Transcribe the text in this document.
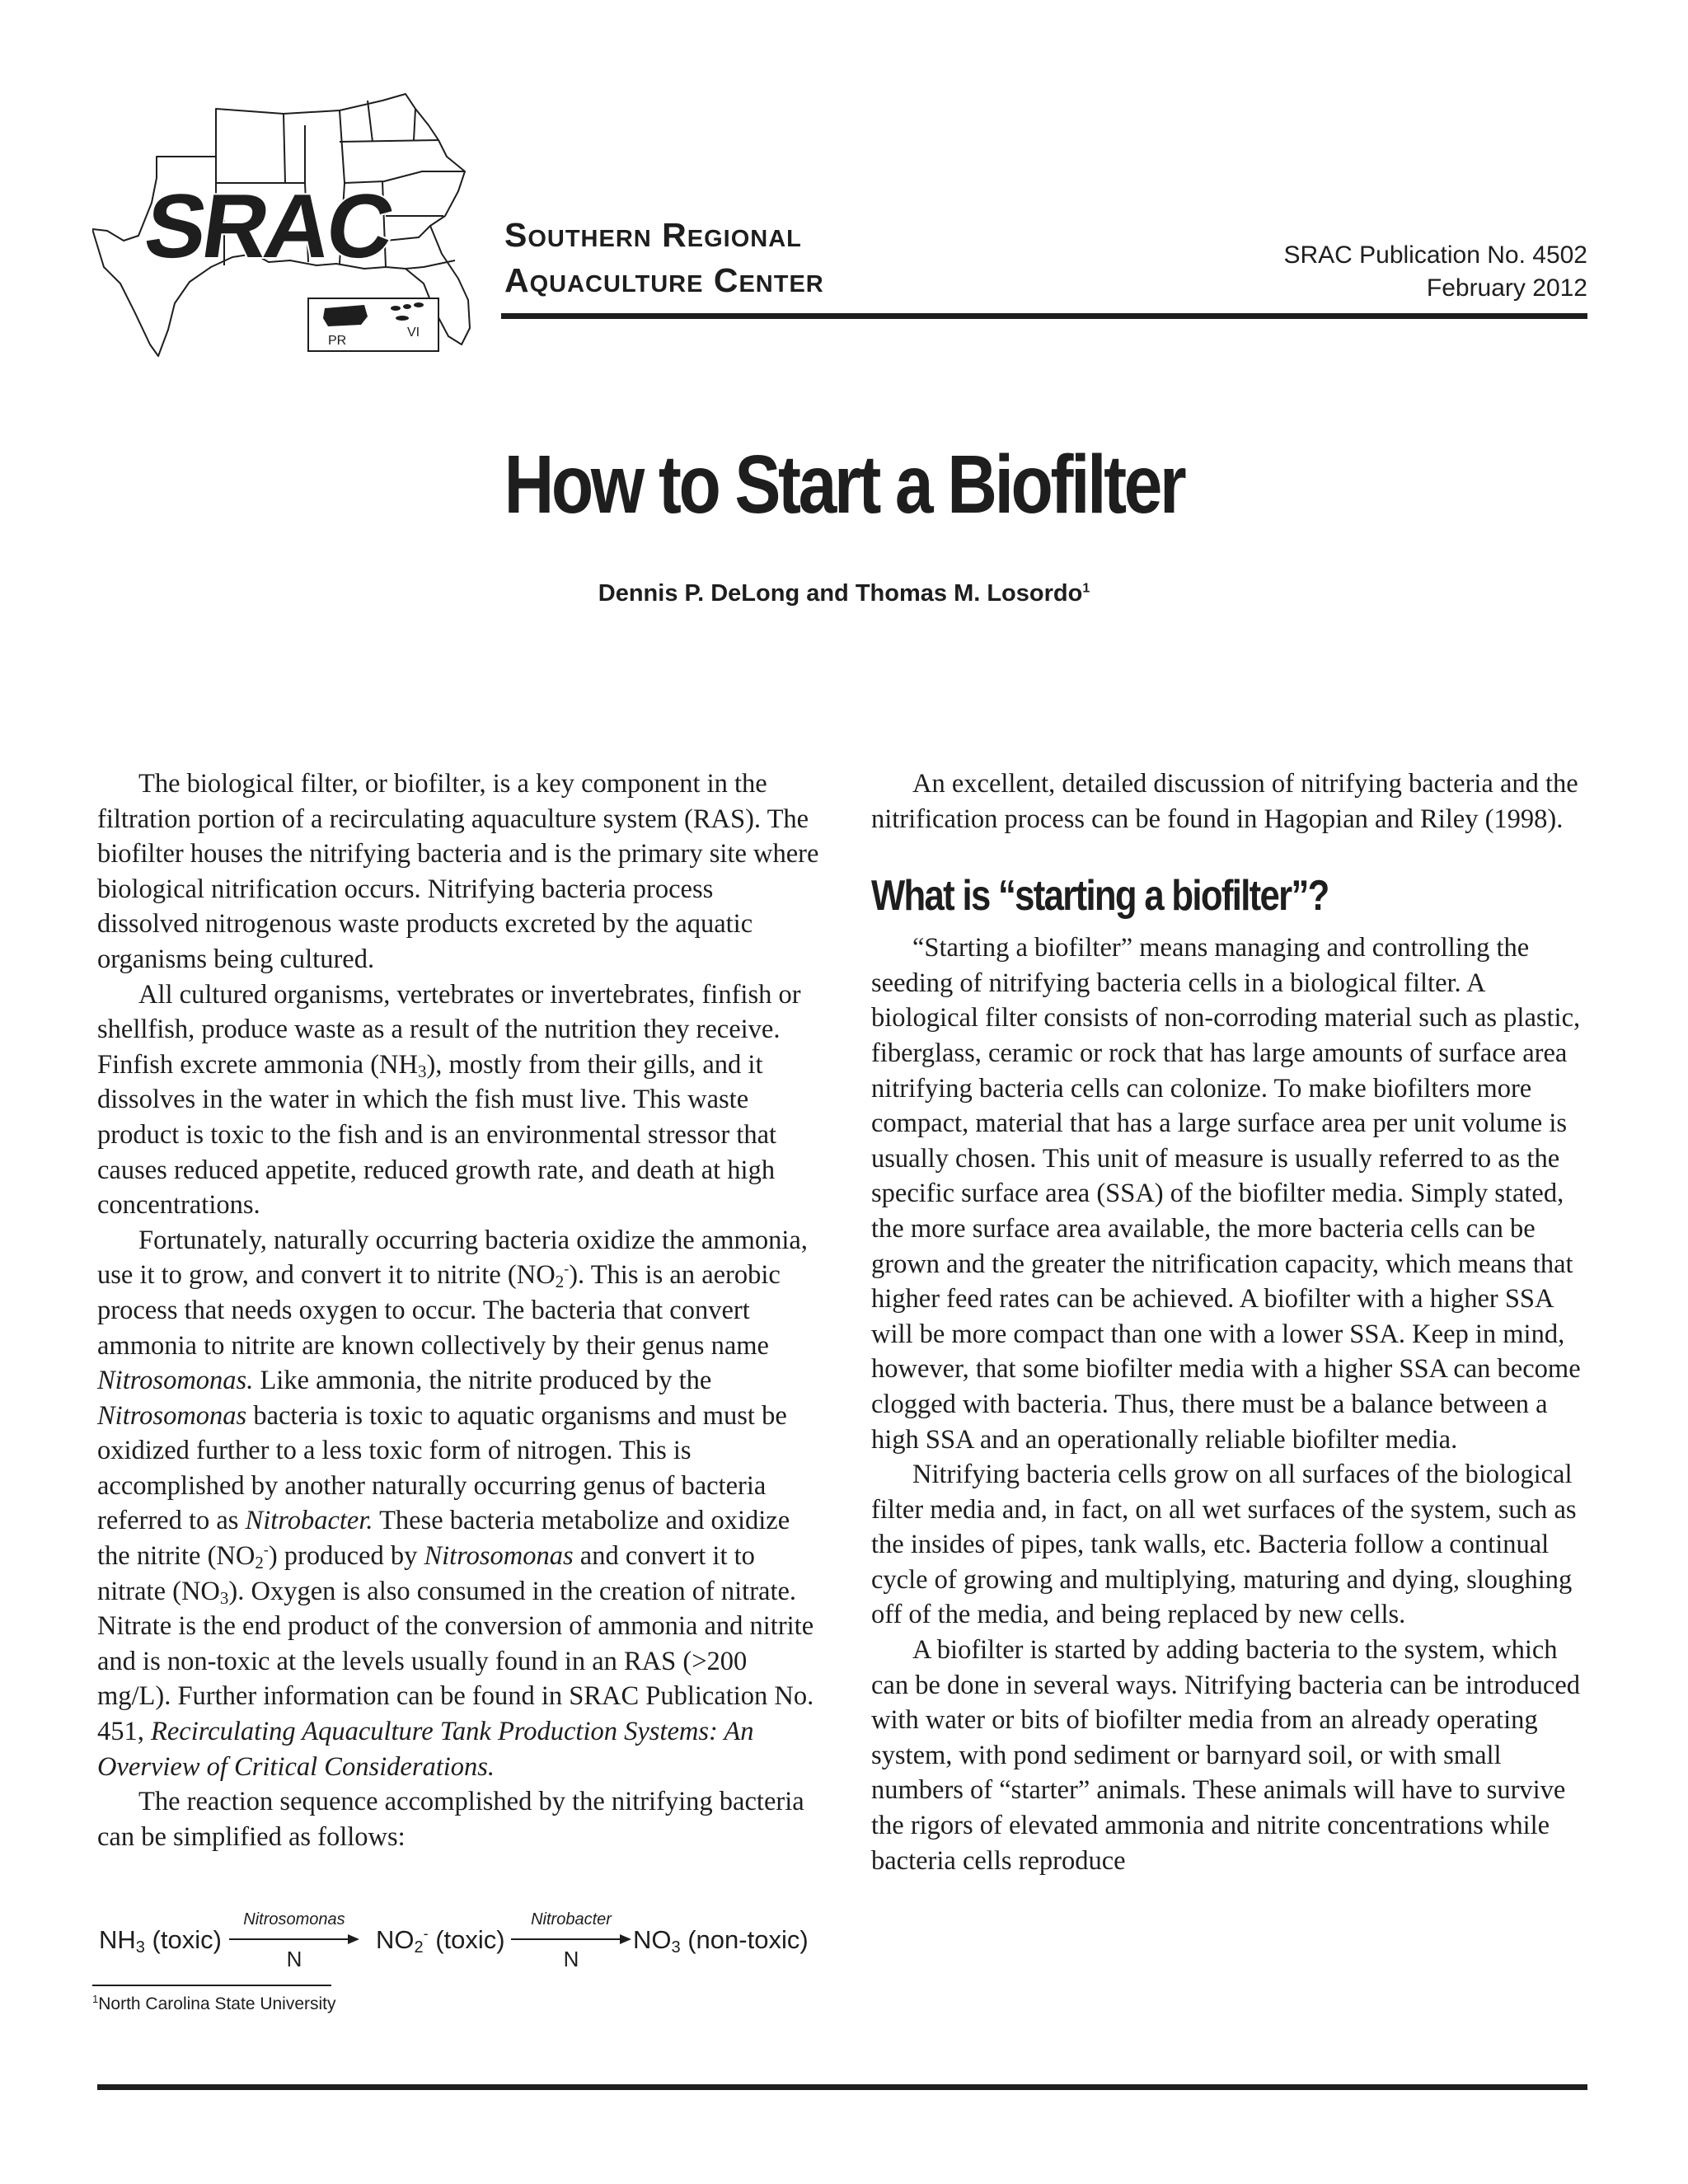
SRAC
PR
VI
Southern Regional
Aquaculture Center
SRAC Publication No. 4502
February 2012
How to Start a Biofilter
Dennis P. DeLong and Thomas M. Losordo$^1$

The biological filter, or biofilter, is a key component in the filtration portion of a recirculating aquaculture system (RAS). The biofilter houses the nitrifying bacteria and is the primary site where biological nitrification occurs. Nitrifying bacteria process dissolved nitrogenous waste products excreted by the aquatic organisms being cultured.

All cultured organisms, vertebrates or invertebrates, finfish or shellfish, produce waste as a result of the nutrition they receive. Finfish excrete ammonia $(NH_3)$, mostly from their gills, and it dissolves in the water in which the fish must live. This waste product is toxic to the fish and is an environmental stressor that causes reduced appetite, reduced growth rate, and death at high concentrations.

Fortunately, naturally occurring bacteria oxidize the ammonia, use it to grow, and convert it to nitrite $(NO_2^-)$. This is an aerobic process that needs oxygen to occur. The bacteria that convert ammonia to nitrite are known collectively by their genus name Nitrosomonas. Like ammonia, the nitrite produced by the Nitrosomonas bacteria is toxic to aquatic organisms and must be oxidized further to a less toxic form of nitrogen. This is accomplished by another naturally occurring genus of bacteria referred to as Nitrobacter. These bacteria metabolize and oxidize the nitrite $(NO_2^-)$ produced by Nitrosomonas and convert it to nitrate $(NO_3)$. Oxygen is also consumed in the creation of nitrate. Nitrate is the end product of the conversion of ammonia and nitrite and is non-toxic at the levels usually found in an RAS (>200 mg/L). Further information can be found in SRAC Publication No. 451, Recirculating Aquaculture Tank Production Systems: An Overview of Critical Considerations.

The reaction sequence accomplished by the nitrifying bacteria can be simplified as follows:

$NH_3$ (toxic)
Nitrosomonas
N
$NO_2^-$ (toxic)
Nitrobacter
N
$NO_3$ (non-toxic)
$^1$North Carolina State University

An excellent, detailed discussion of nitrifying bacteria and the nitrification process can be found in Hagopian and Riley (1998).

What is “starting a biofilter”?

“Starting a biofilter” means managing and controlling the seeding of nitrifying bacteria cells in a biological filter. A biological filter consists of non-corroding material such as plastic, fiberglass, ceramic or rock that has large amounts of surface area nitrifying bacteria cells can colonize. To make biofilters more compact, material that has a large surface area per unit volume is usually chosen. This unit of measure is usually referred to as the specific surface area (SSA) of the biofilter media. Simply stated, the more surface area available, the more bacteria cells can be grown and the greater the nitrification capacity, which means that higher feed rates can be achieved. A biofilter with a higher SSA will be more compact than one with a lower SSA. Keep in mind, however, that some biofilter media with a higher SSA can become clogged with bacteria. Thus, there must be a balance between a high SSA and an operationally reliable biofilter media.

Nitrifying bacteria cells grow on all surfaces of the biological filter media and, in fact, on all wet surfaces of the system, such as the insides of pipes, tank walls, etc. Bacteria follow a continual cycle of growing and multiplying, maturing and dying, sloughing off of the media, and being replaced by new cells.

A biofilter is started by adding bacteria to the system, which can be done in several ways. Nitrifying bacteria can be introduced with water or bits of biofilter media from an already operating system, with pond sediment or barnyard soil, or with small numbers of “starter” animals. These animals will have to survive the rigors of elevated ammonia and nitrite concentrations while bacteria cells reproduce
